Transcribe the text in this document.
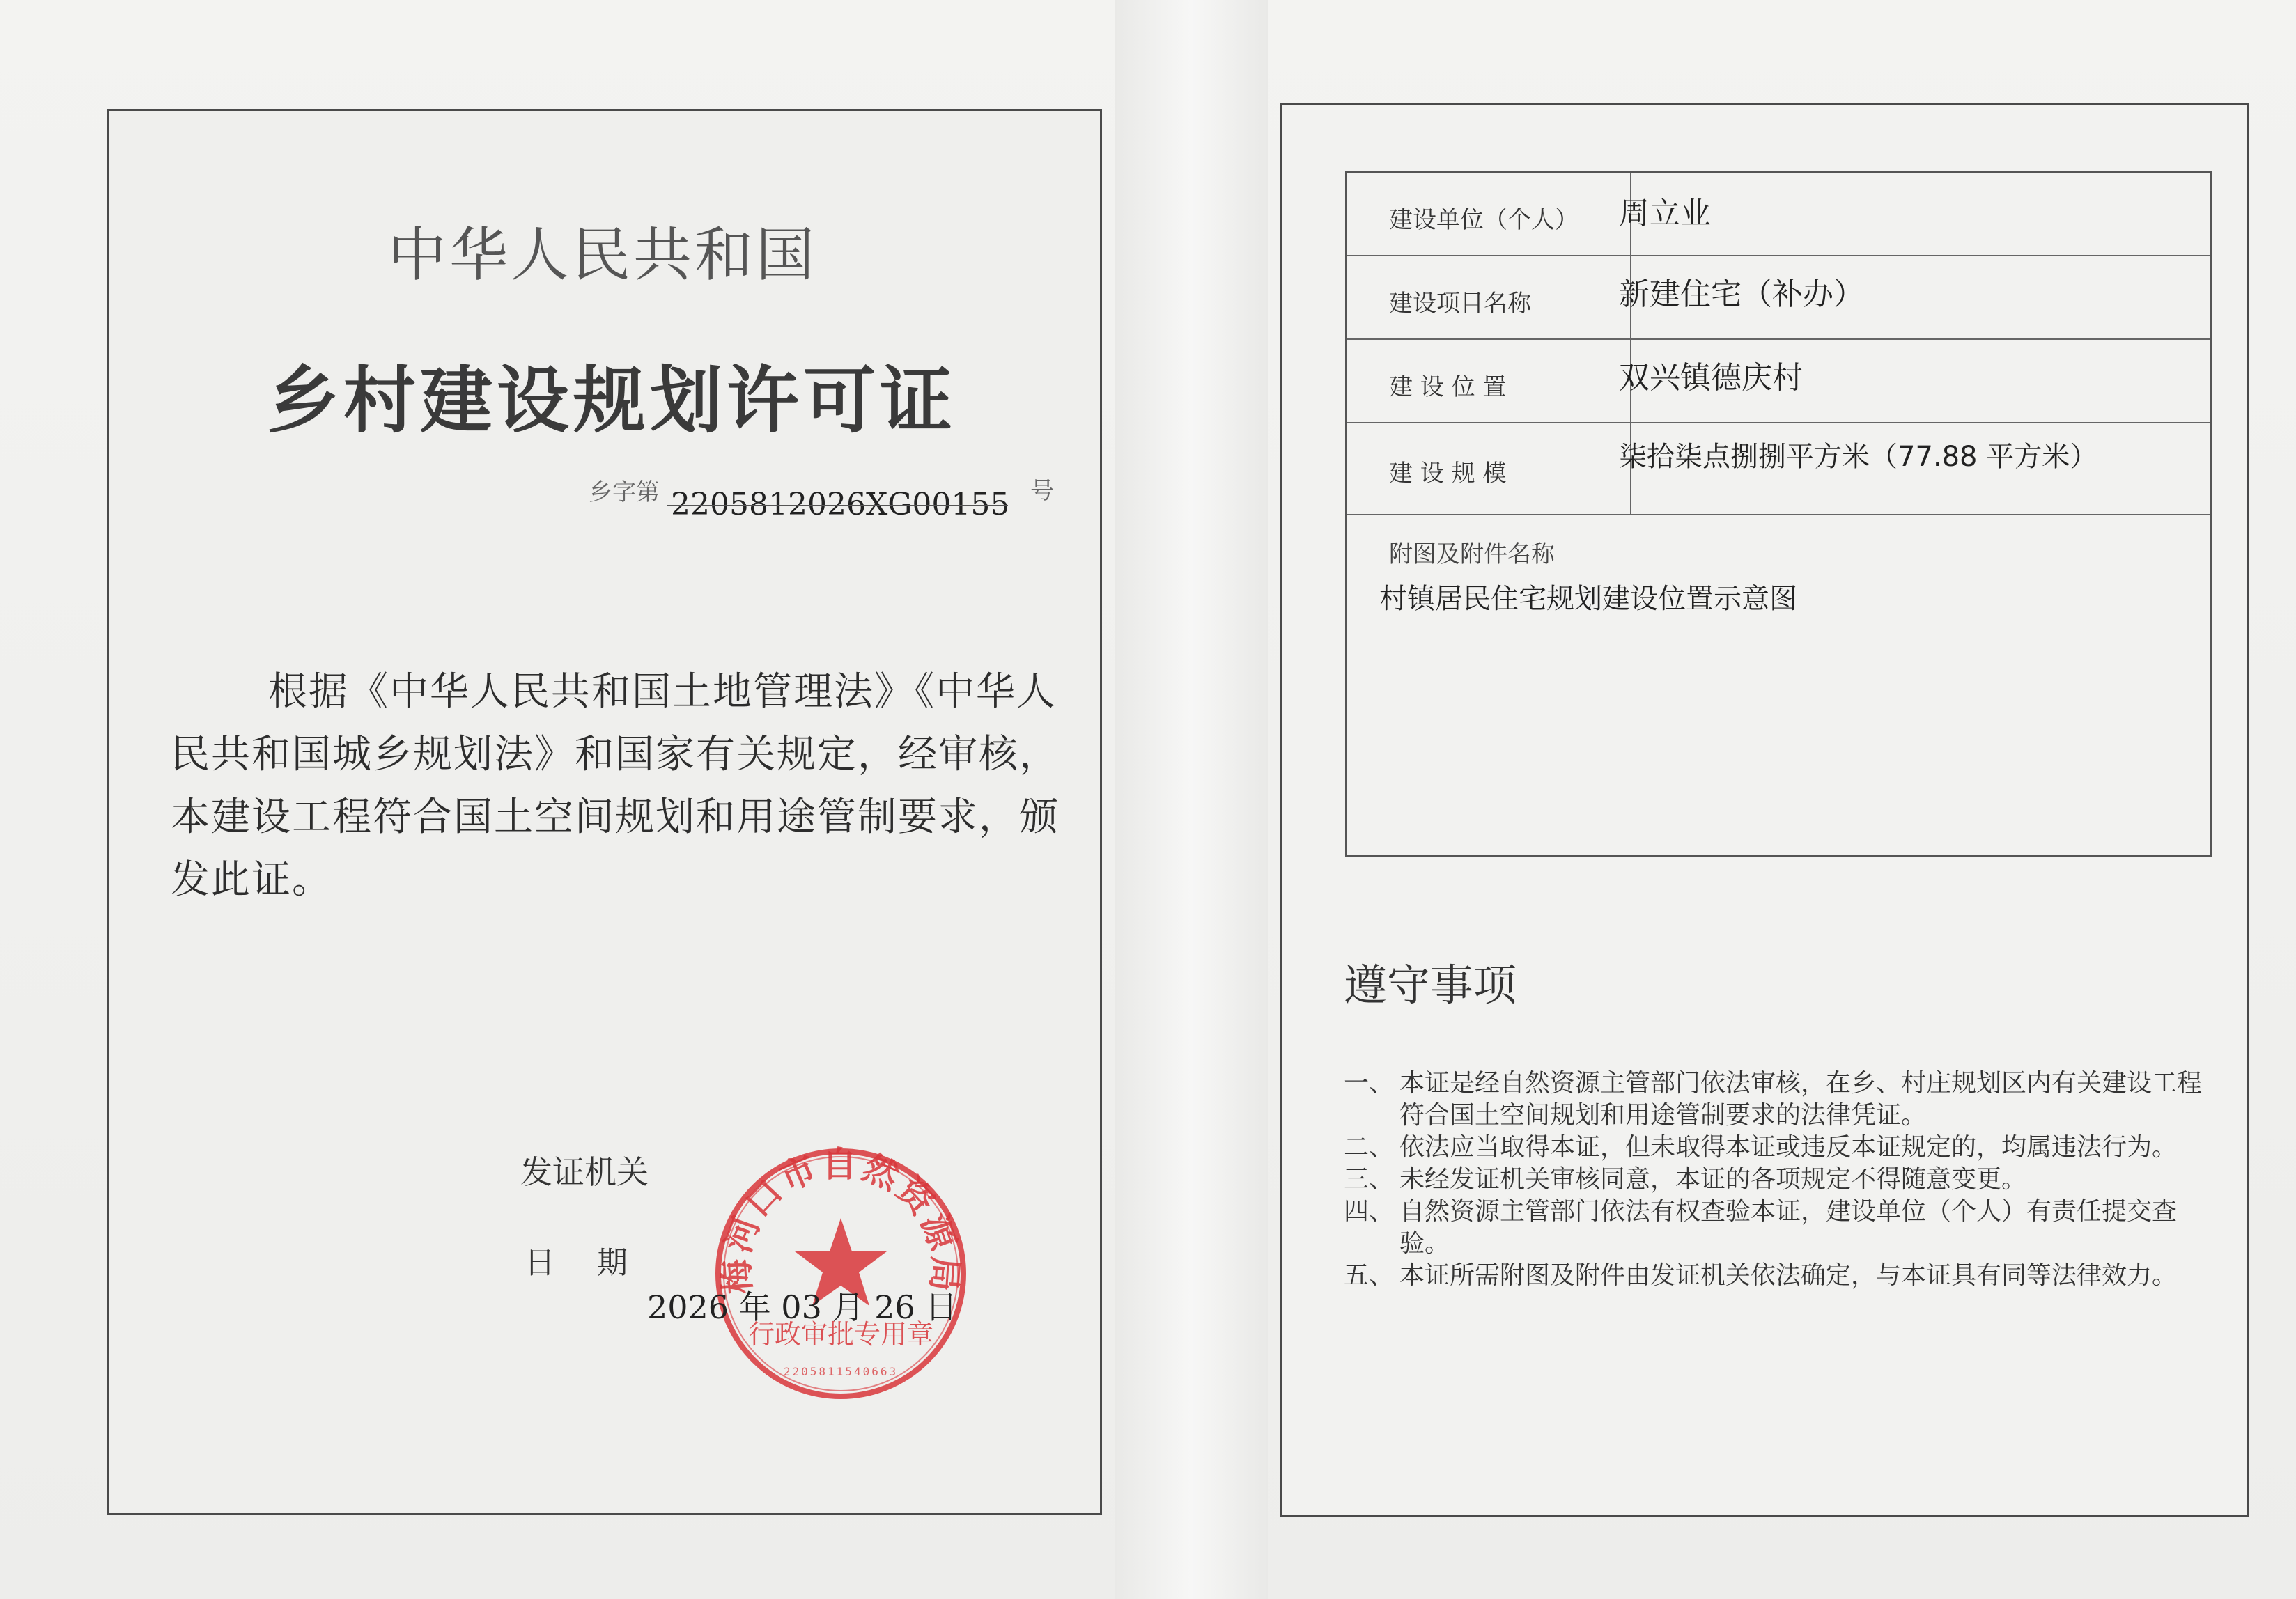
中华人民共和国
乡村建设规划许可证
乡字第 2205812026XG00155 号
根据《中华人民共和国土地管理法》《中华人民共和国城乡规划法》和国家有关规定，经审核，本建设工程符合国土空间规划和用途管制要求，颁发此证。
发证机关
日期 梅河口市自然资源局
行政审批专用章
2205811540663
2026 年 03 月 26 日
建设单位（个人） 周立业
建设项目名称	新建住宅（补办）
建 设 位 置	双兴镇德庆村
建 设 规 模
柒拾柒点捌捌平方米（77.88 平方米）
附图及附件名称
村镇居民住宅规划建设位置示意图
遵守事项
一、 本证是经自然资源主管部门依法审核，在乡、村庄规划区内有关建设工程符合国土空间规划和用途管制要求的法律凭证。
二、 依法应当取得本证，但未取得本证或违反本证规定的，均属违法行为。
三、 未经发证机关审核同意，本证的各项规定不得随意变更。
四、 自然资源主管部门依法有权查验本证，建设单位（个人）有责任提交查验。
五、 本证所需附图及附件由发证机关依法确定，与本证具有同等法律效力。
